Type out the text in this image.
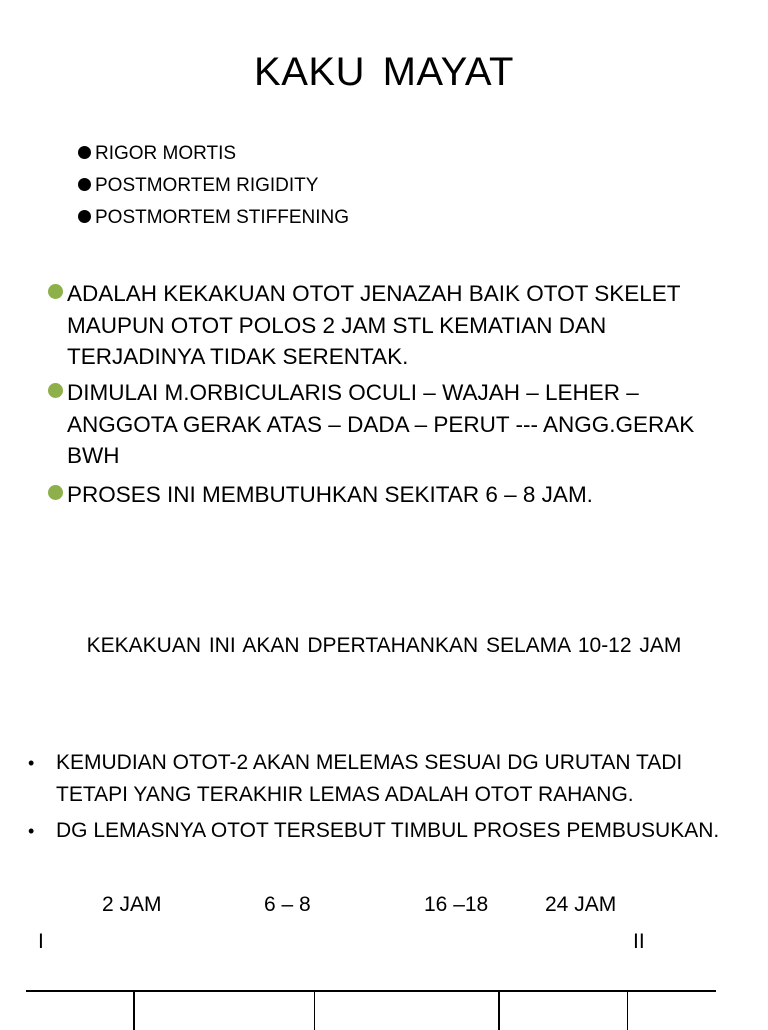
KAKU MAYAT
RIGOR MORTIS
POSTMORTEM RIGIDITY
POSTMORTEM STIFFENING
ADALAH KEKAKUAN OTOT JENAZAH BAIK OTOT SKELET
MAUPUN OTOT POLOS 2 JAM STL KEMATIAN DAN
TERJADINYA TIDAK SERENTAK.
DIMULAI M.ORBICULARIS OCULI – WAJAH – LEHER –
ANGGOTA GERAK ATAS – DADA – PERUT --- ANGG.GERAK
BWH
PROSES INI MEMBUTUHKAN SEKITAR 6 – 8 JAM.
KEKAKUAN INI AKAN DPERTAHANKAN SELAMA 10-12 JAM
• KEMUDIAN OTOT-2 AKAN MELEMAS SESUAI DG URUTAN TADI
TETAPI YANG TERAKHIR LEMAS ADALAH OTOT RAHANG.
• DG LEMASNYA OTOT TERSEBUT TIMBUL PROSES PEMBUSUKAN.
2 JAM	6 – 8	16 –18	24 JAM
I	II
